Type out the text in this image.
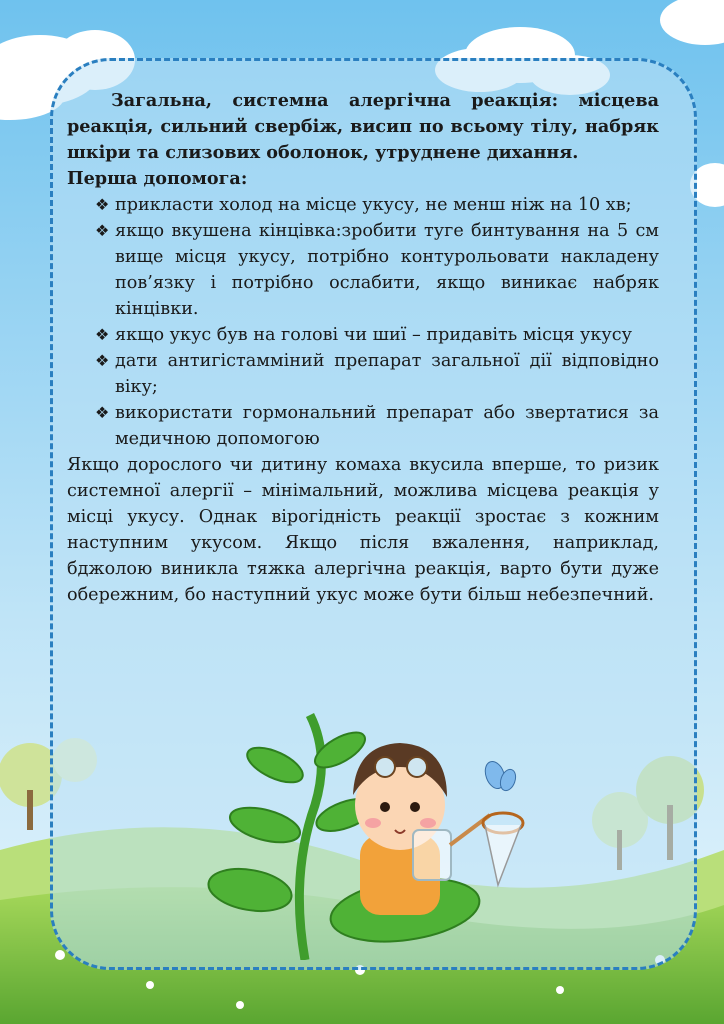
Загальна, системна алергічна реакція: місцева реакція, сильний свербіж, висип по всьому тілу, набряк шкіри та слизових оболонок, утруднене дихання.

Перша допомога:

❖ прикласти холод на місце укусу, не менш ніж на 10 хв;
❖ якщо вкушена кінцівка:зробити туге бинтування на 5 см вище місця укусу, потрібно контурольовати накладену пов’язку і потрібно ослабити, якщо виникає набряк кінцівки.
❖ якщо укус був на голові чи шиї – придавіть місця укусу
❖ дати антигістамміний препарат загальної дії відповідно віку;
❖ використати гормональний препарат або звертатися за медичною допомогою

Якщо дорослого чи дитину комаха вкусила вперше, то ризик системної алергії – мінімальний, можлива місцева реакція у місці укусу. Однак вірогідність реакції зростає з кожним наступним укусом. Якщо після вжалення, наприклад, бджолою виникла тяжка алергічна реакція, варто бути дуже обережним, бо наступний укус може бути більш небезпечний.
